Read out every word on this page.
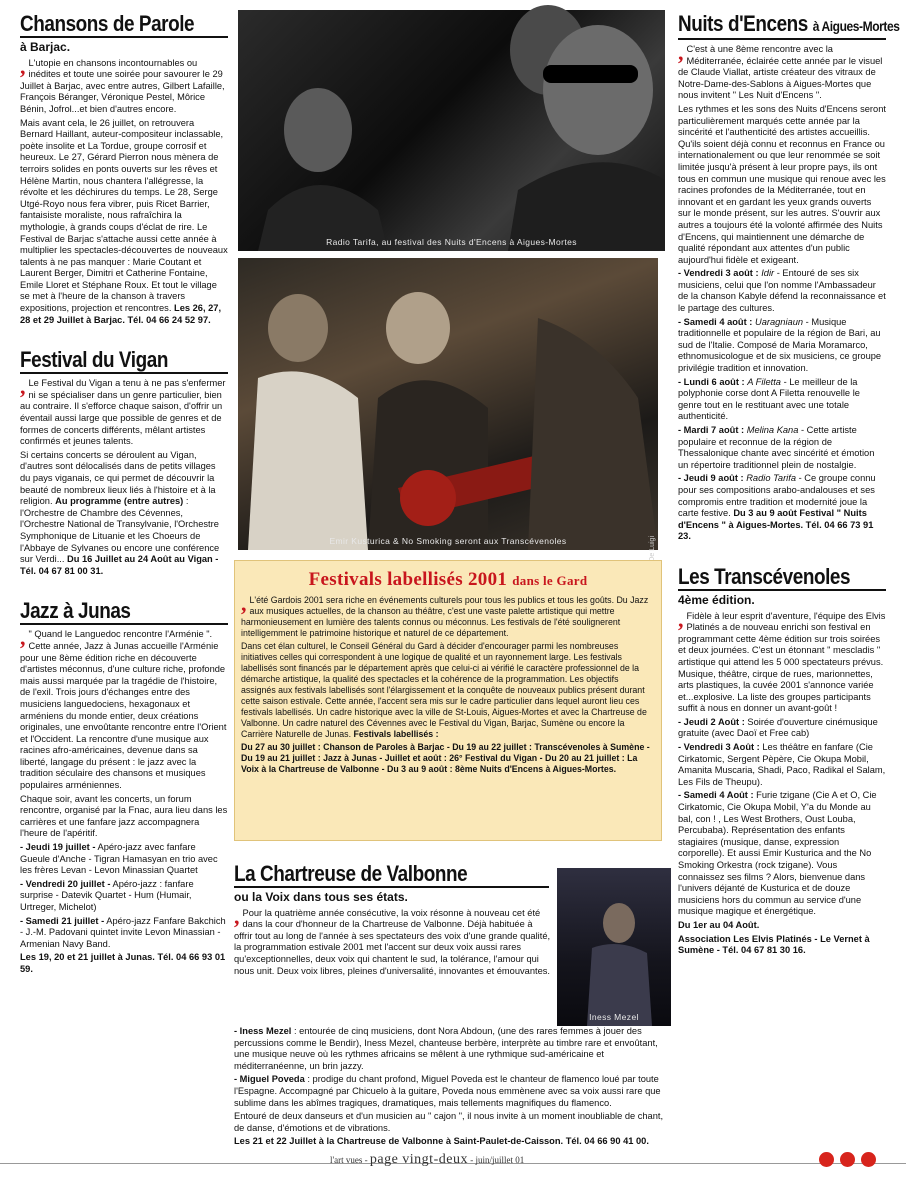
Chansons de Parole
à Barjac.
, L'utopie en chansons incontournables ou inédites et toute une soirée pour savourer le 29 Juillet à Barjac, avec entre autres, Gilbert Lafaille, François Béranger, Véronique Pestel, Môrice Bénin, Jofrol...et bien d'autres encore.

Mais avant cela, le 26 juillet, on retrouvera Bernard Haillant, auteur-compositeur inclassable, poète insolite et La Tordue, groupe corrosif et heureux. Le 27, Gérard Pierron nous mènera de terroirs solides en ponts ouverts sur les rêves et Hélène Martin, nous chantera l'allégresse, la révolte et les déchirures du temps. Le 28, Serge Utgé-Royo nous fera vibrer, puis Ricet Barrier, fantaisiste moraliste, nous rafraîchira la mythologie, à grands coups d'éclat de rire. Le Festival de Barjac s'attache aussi cette année à multiplier les spectacles-découvertes de nouveaux talents à ne pas manquer : Marie Coutant et Laurent Berger, Dimitri et Catherine Fontaine, Emile Lloret et Stéphane Roux. Et tout le village se met à l'heure de la chanson à travers expositions, projection et rencontres. Les 26, 27, 28 et 29 Juillet à Barjac. Tél. 04 66 24 52 97.

Festival du Vigan
, Le Festival du Vigan a tenu à ne pas s'enfermer ni se spécialiser dans un genre particulier, bien au contraire. Il s'efforce chaque saison, d'offrir un éventail aussi large que possible de genres et de formes de concerts différents, mêlant artistes confirmés et jeunes talents.

Si certains concerts se déroulent au Vigan, d'autres sont délocalisés dans de petits villages du pays viganais, ce qui permet de découvrir la beauté de nombreux lieux liés à l'histoire et à la religion. Au programme (entre autres) : l'Orchestre de Chambre des Cévennes, l'Orchestre National de Transylvanie, l'Orchestre Symphonique de Lituanie et les Choeurs de l'Abbaye de Sylvanes ou encore une conférence sur Verdi... Du 16 Juillet au 24 Août au Vigan - Tél. 04 67 81 00 31.

Jazz à Junas
, " Quand le Languedoc rencontre l'Arménie ". Cette année, Jazz à Junas accueille l'Arménie pour une 8ème édition riche en découverte d'artistes méconnus, d'une culture riche, profonde mais aussi marquée par la tragédie de l'histoire, de l'exil. Trois jours d'échanges entre des musiciens languedociens, hexagonaux et arméniens du monde entier, deux créations originales, une envoûtante rencontre entre l'Orient et l'Occident. La rencontre d'une musique aux racines afro-américaines, devenue dans sa liberté, langage du présent : le jazz avec la tradition séculaire des chansons et musiques populaires arméniennes.

Chaque soir, avant les concerts, un forum rencontre, organisé par la Fnac, aura lieu dans les carrières et une fanfare jazz accompagnera l'heure de l'apéritif.

- Jeudi 19 juillet - Apéro-jazz avec fanfare Gueule d'Anche - Tigran Hamasyan en trio avec les frères Levan - Levon Minassian Quartet

- Vendredi 20 juillet - Apéro-jazz : fanfare surprise - Datevik Quartet - Hum (Humair, Urtreger, Michelot)

- Samedi 21 juillet - Apéro-jazz Fanfare Bakchich - J.-M. Padovani quintet invite Levon Minassian - Armenian Navy Band.

Les 19, 20 et 21 juillet à Junas. Tél. 04 66 93 01 59.

Radio Tarifa, au festival des Nuits d'Encens à Aigues-Mortes
Emir Kusturica & No Smoking seront aux Transcévenoles
Festivals labellisés 2001 dans le Gard
, L'été Gardois 2001 sera riche en événements culturels pour tous les publics et tous les goûts. Du Jazz aux musiques actuelles, de la chanson au théâtre, c'est une vaste palette artistique qui mettre harmonieusement en lumière des talents connus ou méconnus. Les festivals de l'été soulignerent intelligemment le patrimoine historique et naturel de ce département.

Dans cet élan culturel, le Conseil Général du Gard à décider d'encourager parmi les nombreuses initiatives celles qui correspondent à une logique de qualité et un rayonnement large. Les festivals labellisés sont financés par le département après que celui-ci ai vérifié le caractère professionnel de la démarche artistique, la qualité des spectacles et la cohérence de la programmation. Les objectifs assignés aux festivals labellisés sont l'élargissement et la conquête de nouveaux publics présent durant cette saison estivale. Cette année, l'accent sera mis sur le cadre particulier dans lequel auront lieu ces festivals labellisés. Un cadre historique avec la ville de St-Louis, Aigues-Mortes et avec la Chartreuse de Valbonne. Un cadre naturel des Cévennes avec le Festival du Vigan, Barjac, Sumène ou encore la Carrière Naturelle de Junas. Festivals labellisés :

Du 27 au 30 juillet : Chanson de Paroles à Barjac - Du 19 au 22 juillet : Transcévenoles à Sumène - Du 19 au 21 juillet : Jazz à Junas - Juillet et août : 26° Festival du Vigan - Du 20 au 21 juillet : La Voix à la Chartreuse de Valbonne - Du 3 au 9 août : 8ème Nuits d'Encens à Aigues-Mortes.

La Chartreuse de Valbonne
ou la Voix dans tous ses états.
, Pour la quatrième année consécutive, la voix résonne à nouveau cet été dans la cour d'honneur de la Chartreuse de Valbonne. Déjà habituée à offrir tout au long de l'année à ses spectateurs des voix d'une grande qualité, la programmation estivale 2001 met l'accent sur deux voix aussi rares qu'exceptionnelles, deux voix qui chantent le sud, la tolérance, l'amour qui nous unit. Deux voix libres, pleines d'universalité, innovantes et émouvantes.

Iness Mezel

- Iness Mezel : entourée de cinq musiciens, dont Nora Abdoun, (une des rares femmes à jouer des percussions comme le Bendir), Iness Mezel, chanteuse berbère, interprète au timbre rare et envoûtant, une musique neuve où les rythmes africains se mêlent à une rythmique sud-américaine et méditerranéenne, un brin jazzy.

- Miguel Poveda : prodige du chant profond, Miguel Poveda est le chanteur de flamenco loué par toute l'Espagne. Accompagné par Chicuelo à la guitare, Poveda nous emmènene avec sa voix aussi rare que sublime dans les abîmes tragiques, dramatiques, mais tellements magnifiques du flamenco.

Entouré de deux danseurs et d'un musicien au " cajon ", il nous invite à un moment inoubliable de chant, de danse, d'émotions et de vibrations.

Les 21 et 22 Juillet à la Chartreuse de Valbonne à Saint-Paulet-de-Caisson. Tél. 04 66 90 41 00.

Nuits d'Encens à Aigues-Mortes
, C'est à une 8ème rencontre avec la Méditerranée, éclairée cette année par le visuel de Claude Viallat, artiste créateur des vitraux de Notre-Dame-des-Sablons à Aigues-Mortes que nous invitent " Les Nuit d'Encens ".

Les rythmes et les sons des Nuits d'Encens seront particulièrement marqués cette année par la sincérité et l'authenticité des artistes accueillis. Qu'ils soient déjà connu et reconnus en France ou internationalement ou que leur renommée se soit limitée jusqu'à présent à leur propre pays, ils ont tous en commun une musique qui renoue avec les racines profondes de la Méditerranée, tout en innovant et en gardant les yeux grands ouverts sur le monde présent, sur les autres. S'ouvrir aux autres a toujours été la volonté affirmée des Nuits d'Encens, qui maintiennent une démarche de qualité répondant aux attentes d'un public aujourd'hui fidèle et exigeant.

- Vendredi 3 août : Idir - Entouré de ses six musiciens, celui que l'on nomme l'Ambassadeur de la chanson Kabyle défend la reconnaissance et le partage des cultures.

- Samedi 4 août : Uaragniaun - Musique traditionnelle et populaire de la région de Bari, au sud de l'Italie. Composé de Maria Moramarco, ethnomusicologue et de six musiciens, ce groupe privilégie tradition et innovation.

- Lundi 6 août : A Filetta - Le meilleur de la polyphonie corse dont A Filetta renouvelle le genre tout en le restituant avec une totale authenticité.

- Mardi 7 août : Melina Kana - Cette artiste populaire et reconnue de la région de Thessalonique chante avec sincérité et émotion un répertoire traditionnel plein de nostalgie.

- Jeudi 9 août : Radio Tarifa - Ce groupe connu pour ses compositions arabo-andalouses et ses compromis entre tradition et modernité joue la carte festive. Du 3 au 9 août Festival " Nuits d'Encens " à Aigues-Mortes. Tél. 04 66 73 91 23.

Les Transcévenoles
4ème édition.
, Fidèle à leur esprit d'aventure, l'équipe des Elvis Platinés a de nouveau enrichi son festival en programmant cette 4ème édition sur trois soirées et deux journées. C'est un étonnant " mescladis " artistique qui attend les 5 000 spectateurs prévus. Musique, théâtre, cirque de rues, marionnettes, arts plastiques, la cuvée 2001 s'annonce variée et...explosive. La liste des groupes participants suffit à nous en donner un avant-goût !

- Jeudi 2 Août : Soirée d'ouverture cinémusique gratuite (avec Daoï et Free cab)

- Vendredi 3 Août : Les théâtre en fanfare (Cie Cirkatomic, Sergent Pèpère, Cie Okupa Mobil, Amanita Muscaria, Shadi, Paco, Radikal el Salam, Les Fils de Theupu).

- Samedi 4 Août : Furie tzigane (Cie A et O, Cie Cirkatomic, Cie Okupa Mobil, Y'a du Monde au bal, con ! , Les West Brothers, Oust Louba, Percubaba). Représentation des enfants stagiaires (musique, danse, expression corporelle). Et aussi Emir Kusturica and the No Smoking Orkestra (rock tzigane). Vous connaissez ses films ? Alors, bienvenue dans l'univers déjanté de Kusturica et de douze musiciens hors du commun au service d'une musique magique et énergétique.

Du 1er au 04 Août.

Association Les Elvis Platinés - Le Vernet à Sumène - Tél. 04 67 81 30 16.

l'art vues - page vingt-deux - juin/juillet 01
